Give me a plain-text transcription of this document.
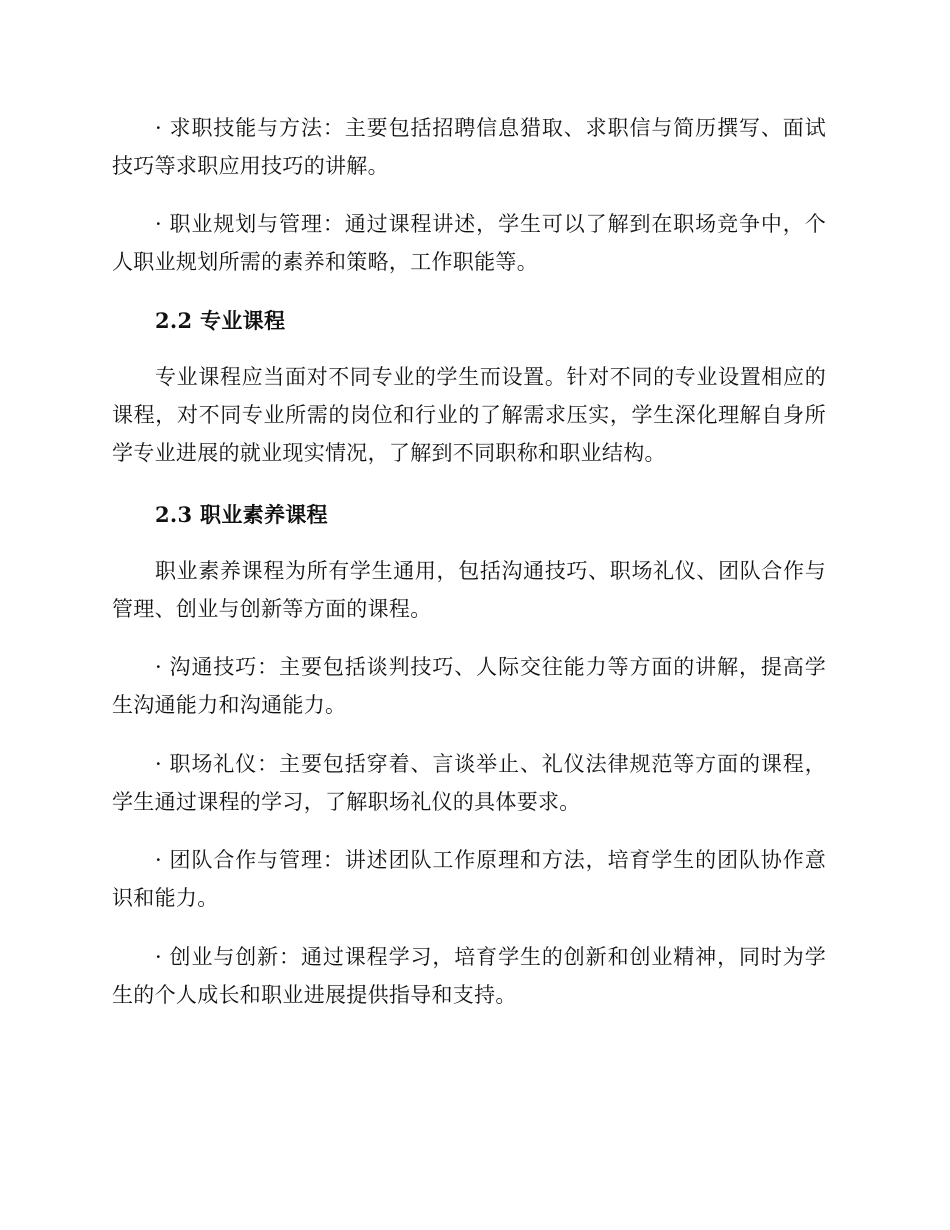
· 求职技能与方法：主要包括招聘信息猎取、求职信与简历撰写、面试技巧等求职应用技巧的讲解。

· 职业规划与管理：通过课程讲述，学生可以了解到在职场竞争中，个人职业规划所需的素养和策略，工作职能等。

2.2 专业课程

专业课程应当面对不同专业的学生而设置。针对不同的专业设置相应的课程，对不同专业所需的岗位和行业的了解需求压实，学生深化理解自身所学专业进展的就业现实情况，了解到不同职称和职业结构。

2.3 职业素养课程

职业素养课程为所有学生通用，包括沟通技巧、职场礼仪、团队合作与管理、创业与创新等方面的课程。

· 沟通技巧：主要包括谈判技巧、人际交往能力等方面的讲解，提高学生沟通能力和沟通能力。

· 职场礼仪：主要包括穿着、言谈举止、礼仪法律规范等方面的课程，学生通过课程的学习，了解职场礼仪的具体要求。

· 团队合作与管理：讲述团队工作原理和方法，培育学生的团队协作意识和能力。

· 创业与创新：通过课程学习，培育学生的创新和创业精神，同时为学生的个人成长和职业进展提供指导和支持。
